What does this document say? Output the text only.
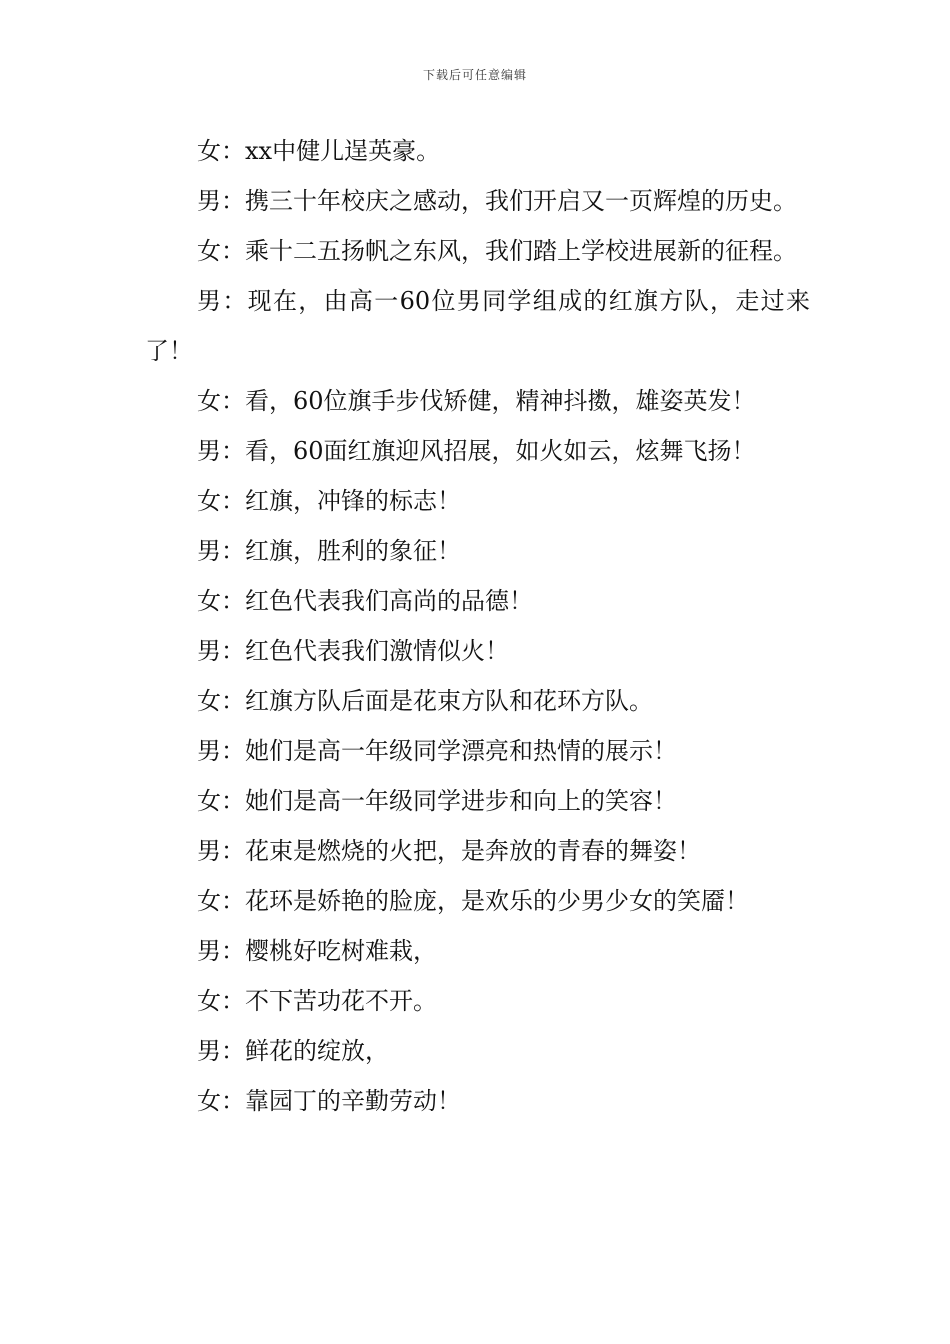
下载后可任意编辑

女：xx中健儿逞英豪。

男：携三十年校庆之感动，我们开启又一页辉煌的历史。

女：乘十二五扬帆之东风，我们踏上学校进展新的征程。

男：现在，由高一60位男同学组成的红旗方队，走过来了！

女：看，60位旗手步伐矫健，精神抖擞，雄姿英发！

男：看，60面红旗迎风招展，如火如云，炫舞飞扬！

女：红旗，冲锋的标志！

男：红旗，胜利的象征！

女：红色代表我们高尚的品德！

男：红色代表我们激情似火！

女：红旗方队后面是花束方队和花环方队。

男：她们是高一年级同学漂亮和热情的展示！

女：她们是高一年级同学进步和向上的笑容！

男：花束是燃烧的火把，是奔放的青春的舞姿！

女：花环是娇艳的脸庞，是欢乐的少男少女的笑靥！

男：樱桃好吃树难栽，

女：不下苦功花不开。

男：鲜花的绽放，

女：靠园丁的辛勤劳动！
